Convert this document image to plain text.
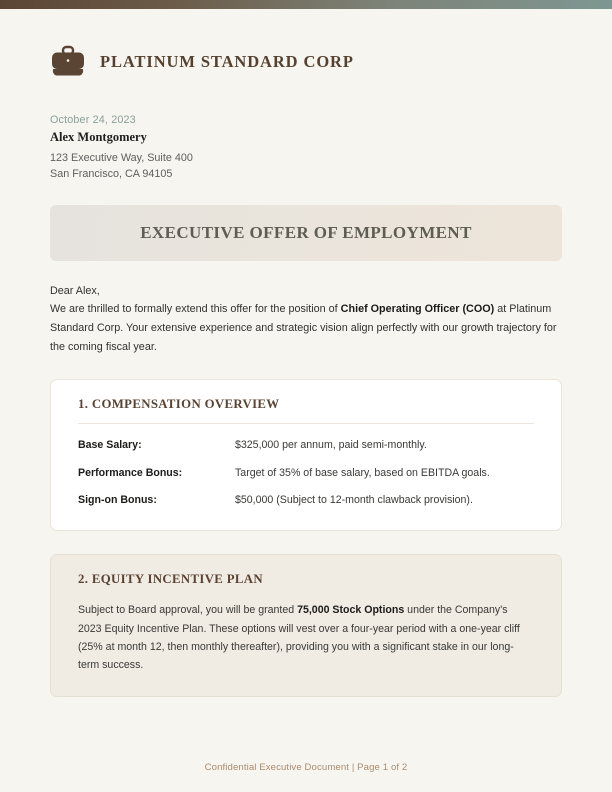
PLATINUM STANDARD CORP
October 24, 2023
Alex Montgomery
123 Executive Way, Suite 400
San Francisco, CA 94105
EXECUTIVE OFFER OF EMPLOYMENT
Dear Alex,
We are thrilled to formally extend this offer for the position of Chief Operating Officer (COO) at Platinum Standard Corp. Your extensive experience and strategic vision align perfectly with our growth trajectory for the coming fiscal year.
1. COMPENSATION OVERVIEW
Base Salary:	$325,000 per annum, paid semi-monthly.
Performance Bonus:	Target of 35% of base salary, based on EBITDA goals.
Sign-on Bonus:	$50,000 (Subject to 12-month clawback provision).
2. EQUITY INCENTIVE PLAN
Subject to Board approval, you will be granted 75,000 Stock Options under the Company's 2023 Equity Incentive Plan. These options will vest over a four-year period with a one-year cliff (25% at month 12, then monthly thereafter), providing you with a significant stake in our long-term success.
Confidential Executive Document | Page 1 of 2
